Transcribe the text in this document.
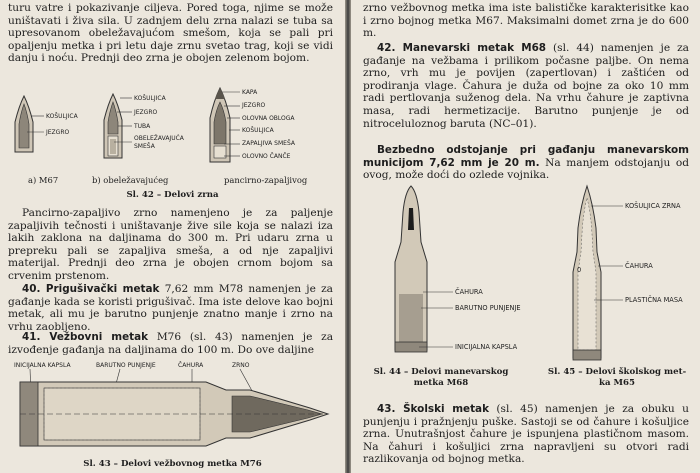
turu vatre i pokazivanje ciljeva. Pored toga, njime se može uništavati i živa sila. U zadnjem delu zrna nalazi se tuba sa upresovanom obeležavajućom smešom, koja se pali pri opaljenju metka i pri letu daje zrnu svetao trag, koji se vidi danju i noću. Prednji deo zrna je obojen zelenom bojom.

KOŠULJICA
JEZGRO
KOŠULJICA
JEZGRO
TUBA
OBELEŽAVAJUĆA
SMEŠA
KAPA
JEZGRO
OLOVNA OBLOGA
KOŠULJICA
ZAPALJIVA SMEŠA
OLOVNO ČANČE
a) M67	b) obeležavajućeg	pancirno-zapaljivog
Sl. 42 – Delovi zrna

Pancirno-zapaljivo zrno namenjeno je za paljenje zapaljivih tečnosti i uništavanje žive sile koja se nalazi iza lakih zaklona na daljinama do 300 m. Pri udaru zrna u prepreku pali se zapaljiva smeša, a od nje zapaljivi materijal. Prednji deo zrna je obojen crnom bojom sa crvenim prstenom.

40. Prigušivački metak 7,62 mm M78 namenjen je za gađanje kada se koristi prigušivač. Ima iste delove kao bojni metak, ali mu je barutno punjenje znatno manje i zrno na vrhu zaobljeno.

41. Vežbovni metak M76 (sl. 43) namenjen je za izvođenje gađanja na daljinama do 100 m. Do ove daljine

INICIJALNA KAPSLA	BARUTNO PUNJENJE	ČAHURA	ZRNO
Sl. 43 – Delovi vežbovnog metka M76

zrno vežbovnog metka ima iste balističke karakterisitke kao i zrno bojnog metka M67. Maksimalni domet zrna je do 600 m.

42. Manevarski metak M68 (sl. 44) namenjen je za gađanje na vežbama i prilikom počasne paljbe. On nema zrno, vrh mu je povijen (zapertlovan) i zaštićen od prodiranja vlage. Čahura je duža od bojne za oko 10 mm radi pertlovanja suženog dela. Na vrhu čahure je zaptivna masa, radi hermetizacije. Barutno punjenje je od nitroceluloznog baruta (NC–01).

Bezbedno odstojanje pri gađanju manevarskom municijom 7,62 mm je 20 m. Na manjem odstojanju od ovog, može doći do ozlede vojnika.

ČAHURA
BARUTNO PUNJENJE
INICIJALNA KAPSLA
0
KOŠULJICA ZRNA
ČAHURA
PLASTIČNA MASA
Sl. 44 – Delovi manevarskog
metka M68
Sl. 45 – Delovi školskog met-
ka M65

43. Školski metak (sl. 45) namenjen je za obuku u punjenju i pražnjenju puške. Sastoji se od čahure i košuljice zrna. Unutrašnjost čahure je ispunjena plastičnom masom. Na čahuri i košuljici zrna napravljeni su otvori radi razlikovanja od bojnog metka.
